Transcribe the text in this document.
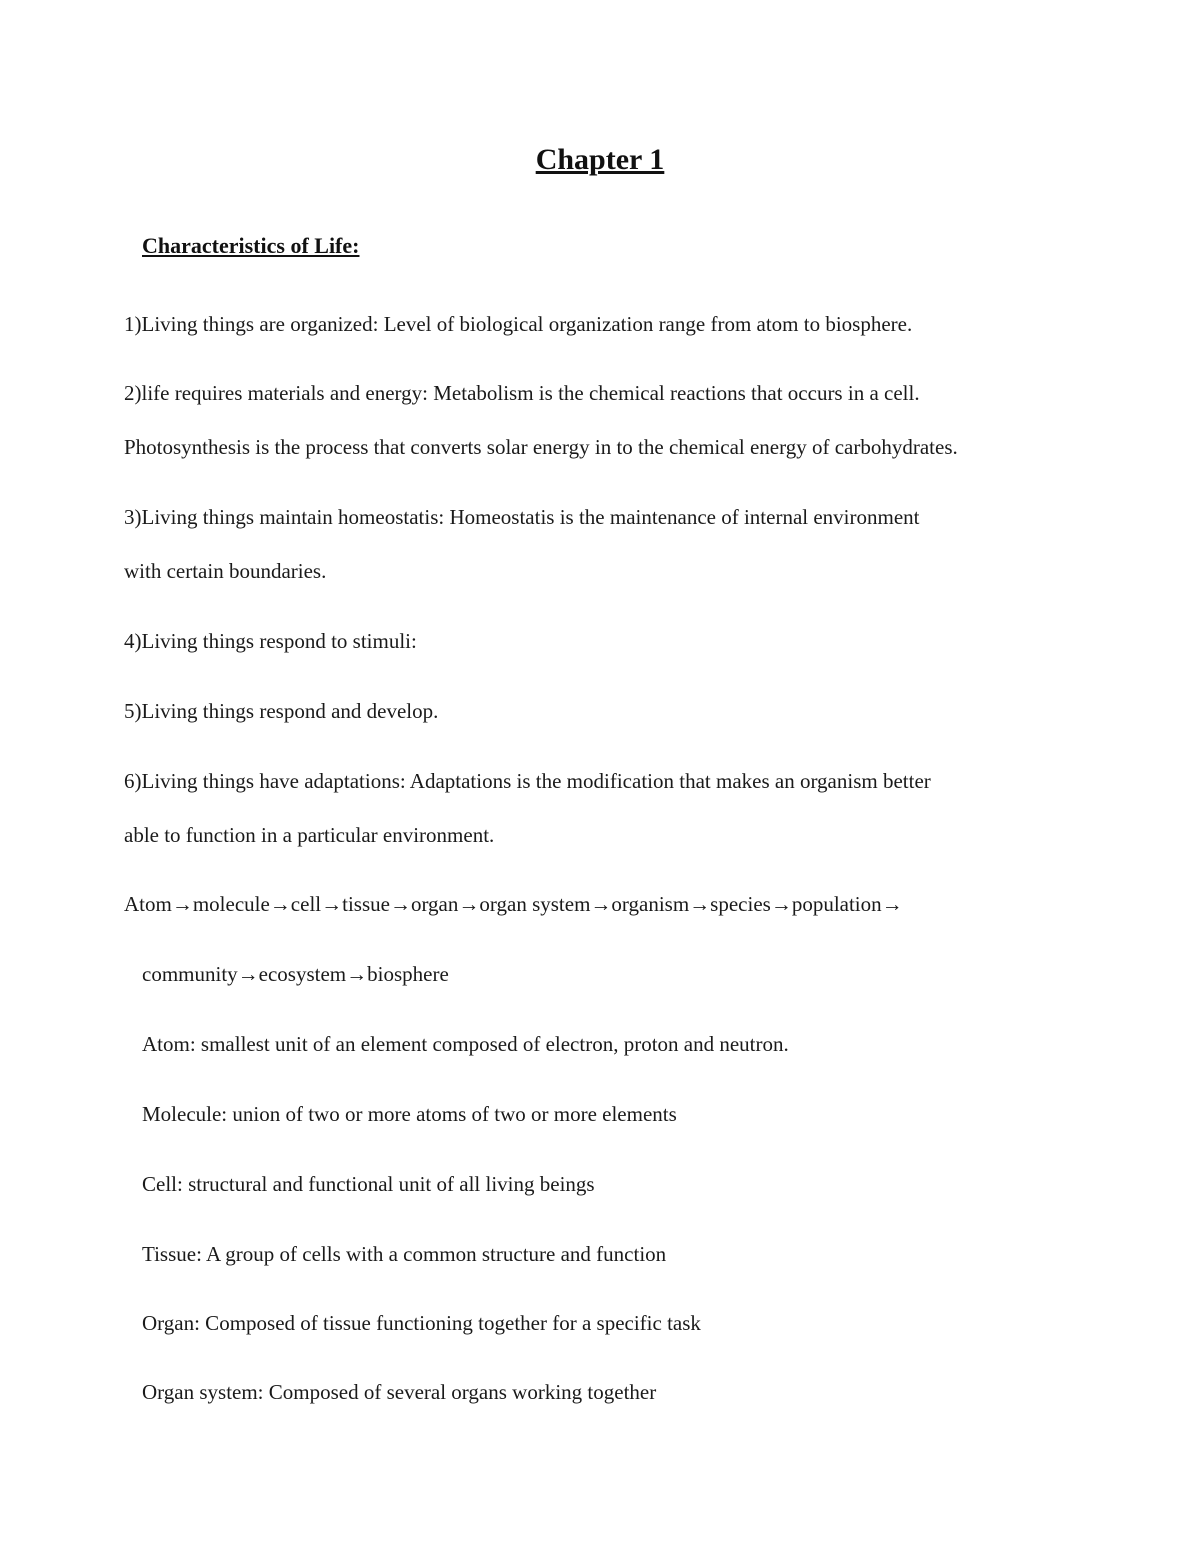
Chapter 1
Characteristics of Life:
1)Living things are organized: Level of biological organization range from atom to biosphere.
2)life requires materials and energy: Metabolism is the chemical reactions that occurs in a cell.
Photosynthesis is the process that converts solar energy in to the chemical energy of carbohydrates.
3)Living things maintain homeostatis: Homeostatis is the maintenance of internal environment
with certain boundaries.
4)Living things respond to stimuli:
5)Living things respond and develop.
6)Living things have adaptations: Adaptations is the modification that makes an organism better
able to function in a particular environment.
Atom→molecule→cell→tissue→organ→organ system→organism→species→population→
community→ecosystem→biosphere
Atom: smallest unit of an element composed of electron, proton and neutron.
Molecule: union of two or more atoms of two or more elements
Cell: structural and functional unit of all living beings
Tissue: A group of cells with a common structure and function
Organ: Composed of tissue functioning together for a specific task
Organ system: Composed of several organs working together
